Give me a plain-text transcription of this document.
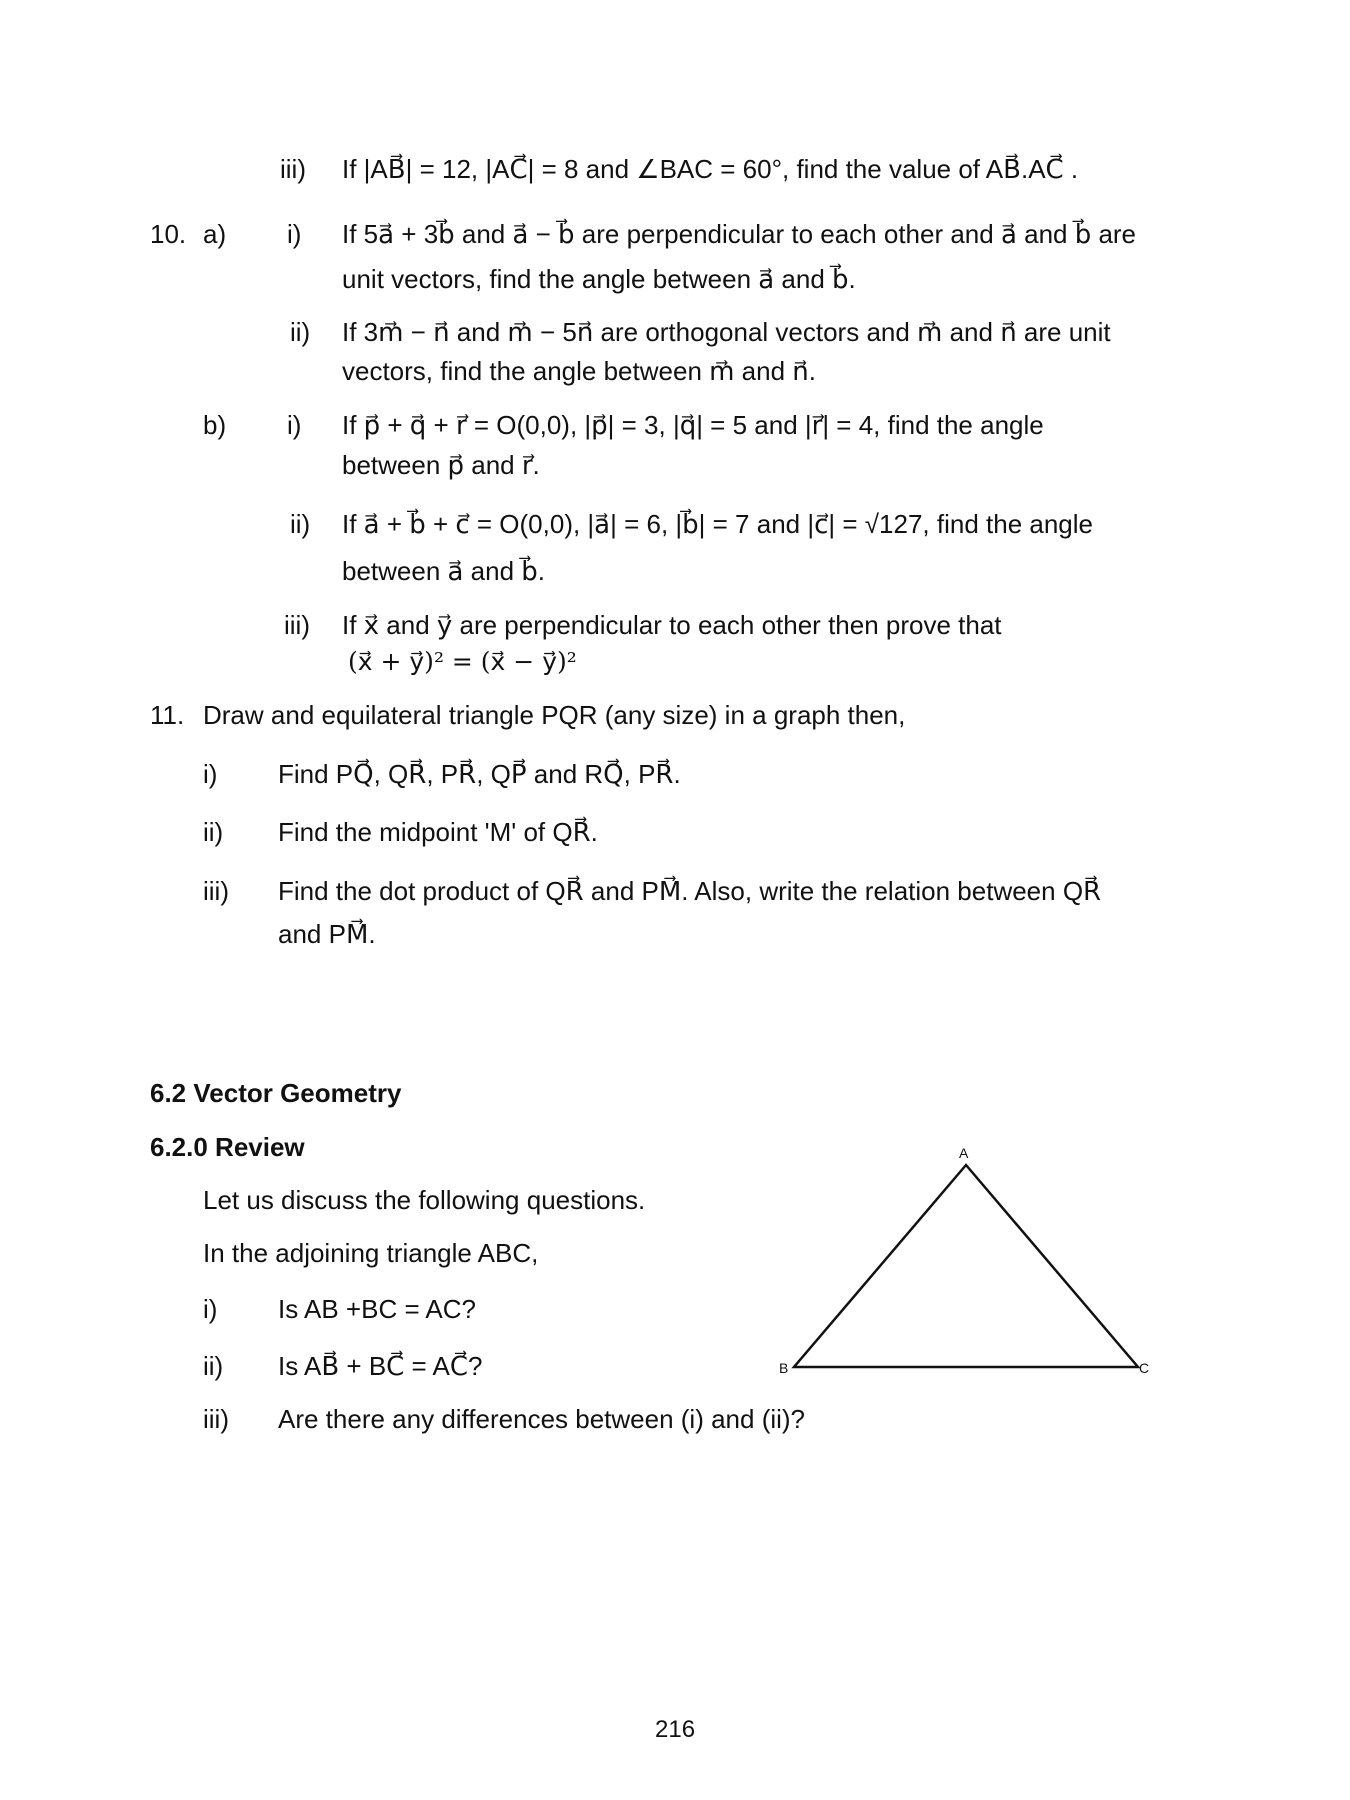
iii) If |AB⃗| = 12, |AC⃗| = 8 and ∠BAC = 60°, find the value of AB⃗.AC⃗ .
10. a) i) If 5a⃗ + 3b⃗ and a⃗ − b⃗ are perpendicular to each other and a⃗ and b⃗ are
unit vectors, find the angle between a⃗ and b⃗.
ii) If 3m⃗ − n⃗ and m⃗ − 5n⃗ are orthogonal vectors and m⃗ and n⃗ are unit
vectors, find the angle between m⃗ and n⃗.
b) i) If p⃗ + q⃗ + r⃗ = O(0,0), |p⃗| = 3, |q⃗| = 5 and |r⃗| = 4, find the angle
between p⃗ and r⃗.
ii) If a⃗ + b⃗ + c⃗ = O(0,0), |a⃗| = 6, |b⃗| = 7 and |c⃗| = √127, find the angle
between a⃗ and b⃗.
iii) If x⃗ and y⃗ are perpendicular to each other then prove that
(x⃗ + y⃗)² = (x⃗ − y⃗)²
11. Draw and equilateral triangle PQR (any size) in a graph then,
i) Find PQ⃗, QR⃗, PR⃗, QP⃗ and RQ⃗, PR⃗.
ii) Find the midpoint 'M' of QR⃗.
iii) Find the dot product of QR⃗ and PM⃗. Also, write the relation between QR⃗
and PM⃗.
6.2 Vector Geometry
6.2.0 Review
Let us discuss the following questions.
In the adjoining triangle ABC,
i) Is AB +BC = AC?
ii) Is AB⃗ + BC⃗ = AC⃗?
iii) Are there any differences between (i) and (ii)?
A
B	C
216
